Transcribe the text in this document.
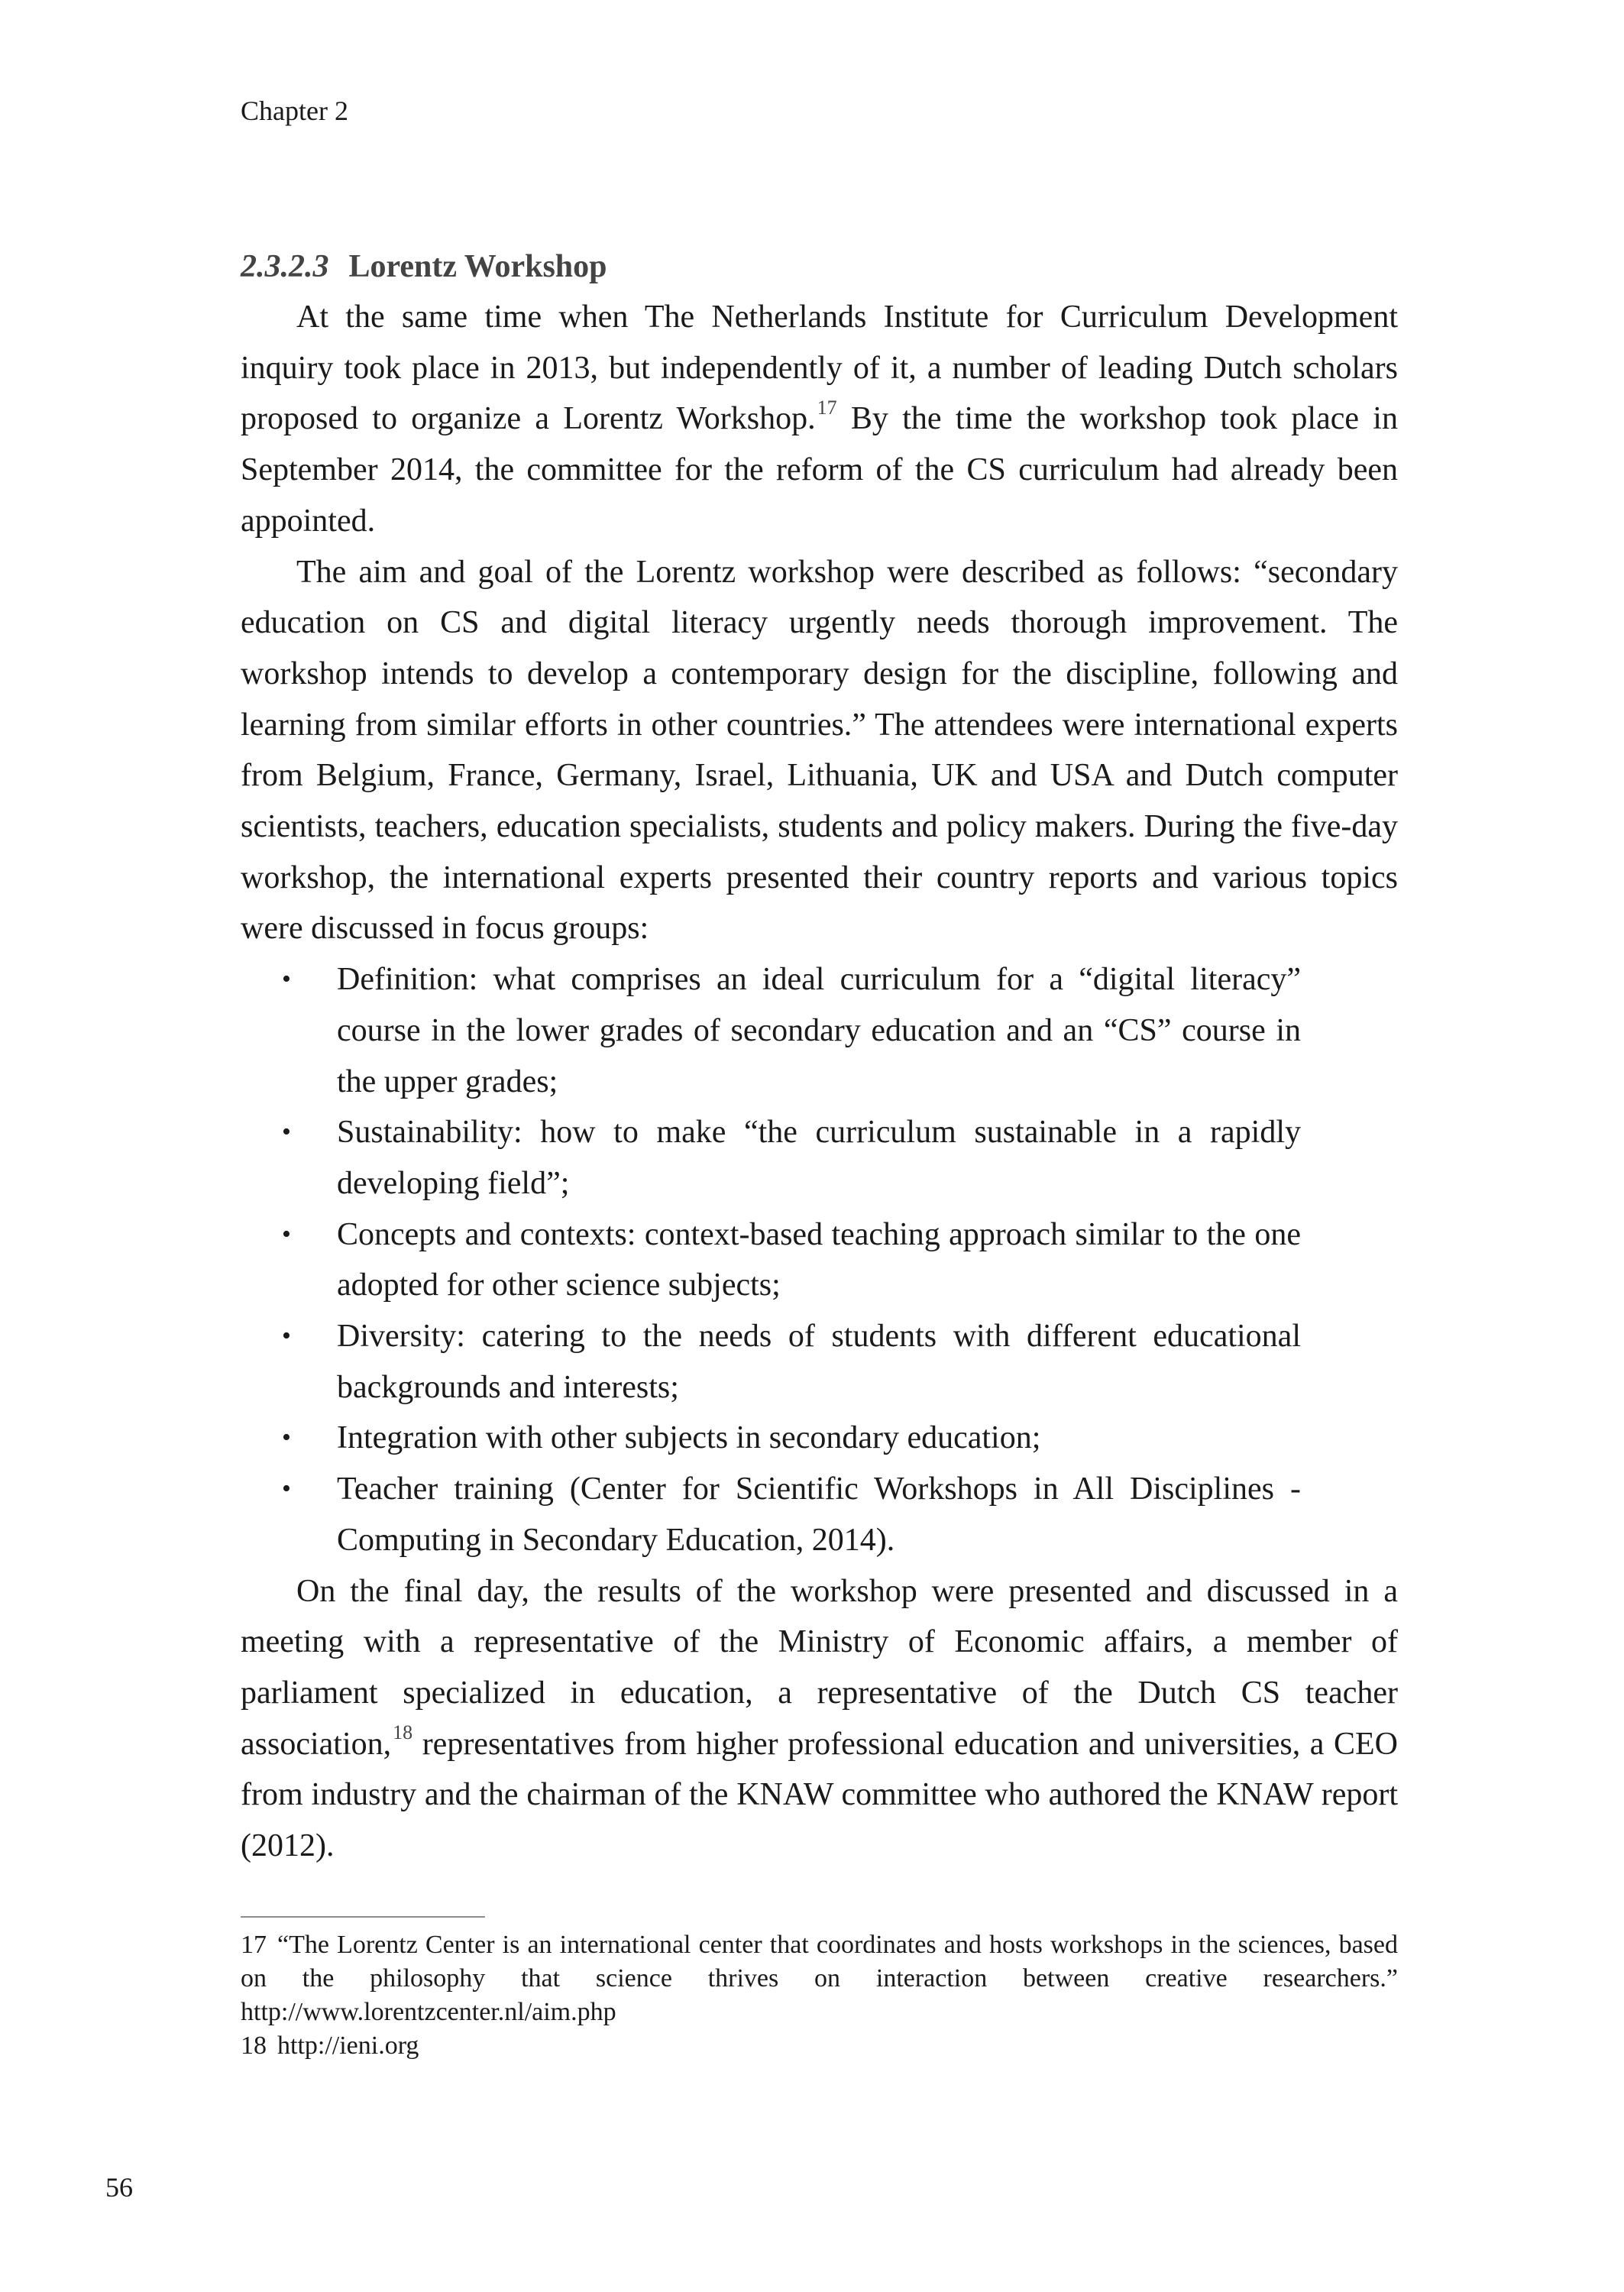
Chapter 2
2.3.2.3 Lorentz Workshop

At the same time when The Netherlands Institute for Curriculum Development inquiry took place in 2013, but independently of it, a number of leading Dutch scholars proposed to organize a Lorentz Workshop.$^{17}$ By the time the workshop took place in September 2014, the committee for the reform of the CS curriculum had already been appointed.

The aim and goal of the Lorentz workshop were described as follows: “secondary education on CS and digital literacy urgently needs thorough improvement. The workshop intends to develop a contemporary design for the discipline, following and learning from similar efforts in other countries.” The attendees were international experts from Belgium, France, Germany, Israel, Lithuania, UK and USA and Dutch computer scientists, teachers, education specialists, students and policy makers. During the five-day workshop, the international experts presented their country reports and various topics were discussed in focus groups:

• Definition: what comprises an ideal curriculum for a “digital literacy” course in the lower grades of secondary education and an “CS” course in the upper grades;
• Sustainability: how to make “the curriculum sustainable in a rapidly developing field”;
• Concepts and contexts: context-based teaching approach similar to the one adopted for other science subjects;
• Diversity: catering to the needs of students with different educational backgrounds and interests;
• Integration with other subjects in secondary education;
• Teacher training (Center for Scientific Workshops in All Disciplines - Computing in Secondary Education, 2014).

On the final day, the results of the workshop were presented and discussed in a meeting with a representative of the Ministry of Economic affairs, a member of parliament specialized in education, a representative of the Dutch CS teacher association,$^{18}$ representatives from higher professional education and universities, a CEO from industry and the chairman of the KNAW committee who authored the KNAW report (2012).

17 “The Lorentz Center is an international center that coordinates and hosts workshops in the sciences, based on the philosophy that science thrives on interaction between creative researchers.” http://www.lorentzcenter.nl/aim.php

18 http://ieni.org

56
